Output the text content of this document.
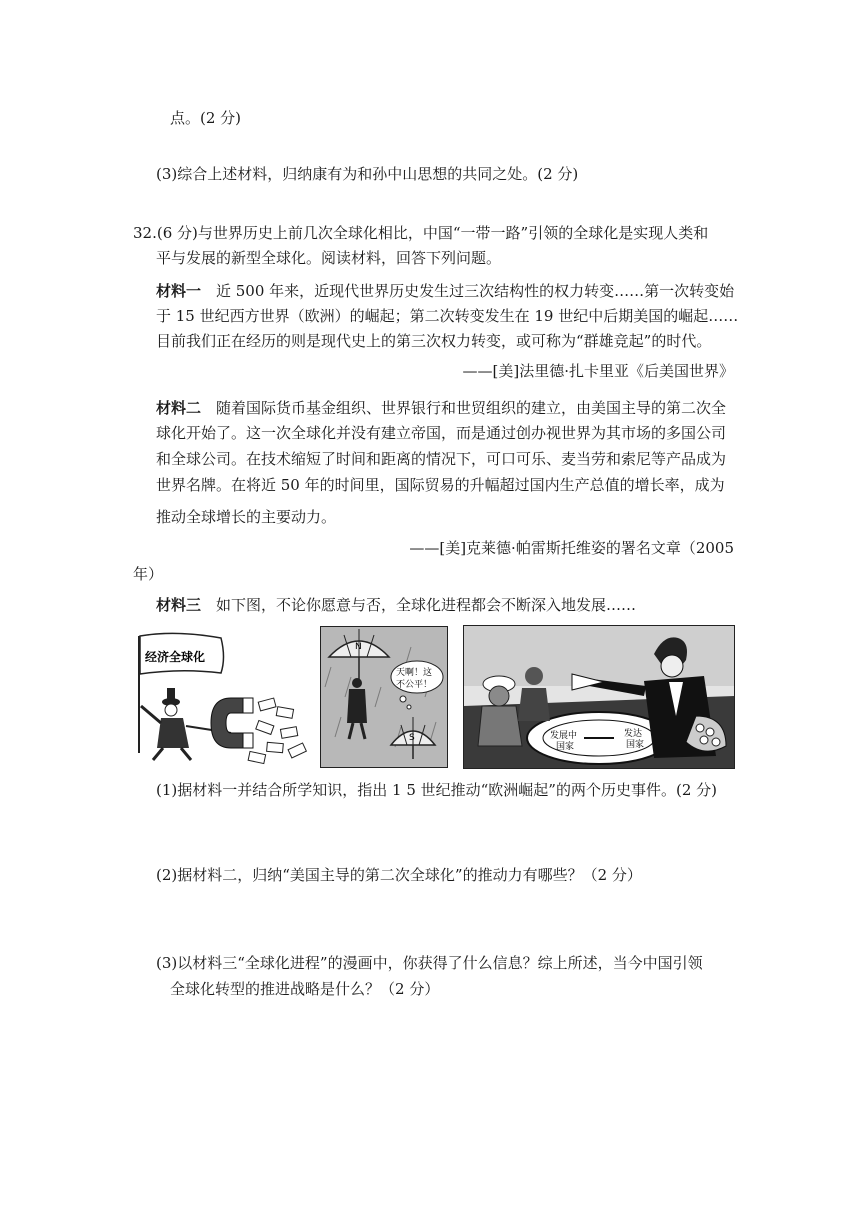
点。(2 分)
(3)综合上述材料，归纳康有为和孙中山思想的共同之处。(2 分)
32.(6 分)与世界历史上前几次全球化相比，中国“一带一路”引领的全球化是实现人类和
平与发展的新型全球化。阅读材料，回答下列问题。
材料一 近 500 年来，近现代世界历史发生过三次结构性的权力转变……第一次转变始
于 15 世纪西方世界（欧洲）的崛起；第二次转变发生在 19 世纪中后期美国的崛起……
目前我们正在经历的则是现代史上的第三次权力转变，或可称为“群雄竞起”的时代。
——[美]法里德·扎卡里亚《后美国世界》
材料二 随着国际货币基金组织、世界银行和世贸组织的建立，由美国主导的第二次全
球化开始了。这一次全球化并没有建立帝国，而是通过创办视世界为其市场的多国公司
和全球公司。在技术缩短了时间和距离的情况下，可口可乐、麦当劳和索尼等产品成为
世界名牌。在将近 50 年的时间里，国际贸易的升幅超过国内生产总值的增长率，成为
推动全球增长的主要动力。
——[美]克莱德·帕雷斯托维姿的署名文章（2005
年）
材料三 如下图，不论你愿意与否，全球化进程都会不断深入地发展……
经济全球化
N
天啊！这
不公平！
S	发展中
国家
发达
国家
(1)据材料一并结合所学知识，指出 1 5 世纪推动“欧洲崛起”的两个历史事件。(2 分)
(2)据材料二，归纳“美国主导的第二次全球化”的推动力有哪些？（2 分）
(3)以材料三“全球化进程”的漫画中，你获得了什么信息？综上所述，当今中国引领
全球化转型的推进战略是什么？（2 分）
